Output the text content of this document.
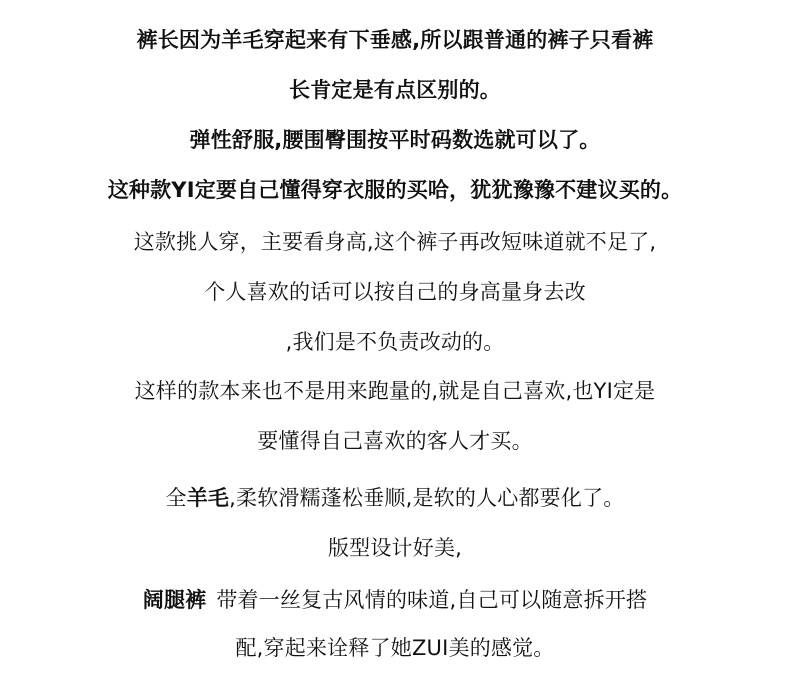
裤长因为羊毛穿起来有下垂感,所以跟普通的裤子只看裤
长肯定是有点区别的。
弹性舒服,腰围臀围按平时码数选就可以了。
这种款YI定要自己懂得穿衣服的买哈，犹犹豫豫不建议买的。
这款挑人穿，主要看身高,这个裤子再改短味道就不足了,
个人喜欢的话可以按自己的身高量身去改
,我们是不负责改动的。
这样的款本来也不是用来跑量的,就是自己喜欢,也YI定是
要懂得自己喜欢的客人才买。
全羊毛,柔软滑糯蓬松垂顺,是软的人心都要化了。
版型设计好美,
阔腿裤 带着一丝复古风情的味道,自己可以随意拆开搭
配,穿起来诠释了她ZUI美的感觉。
